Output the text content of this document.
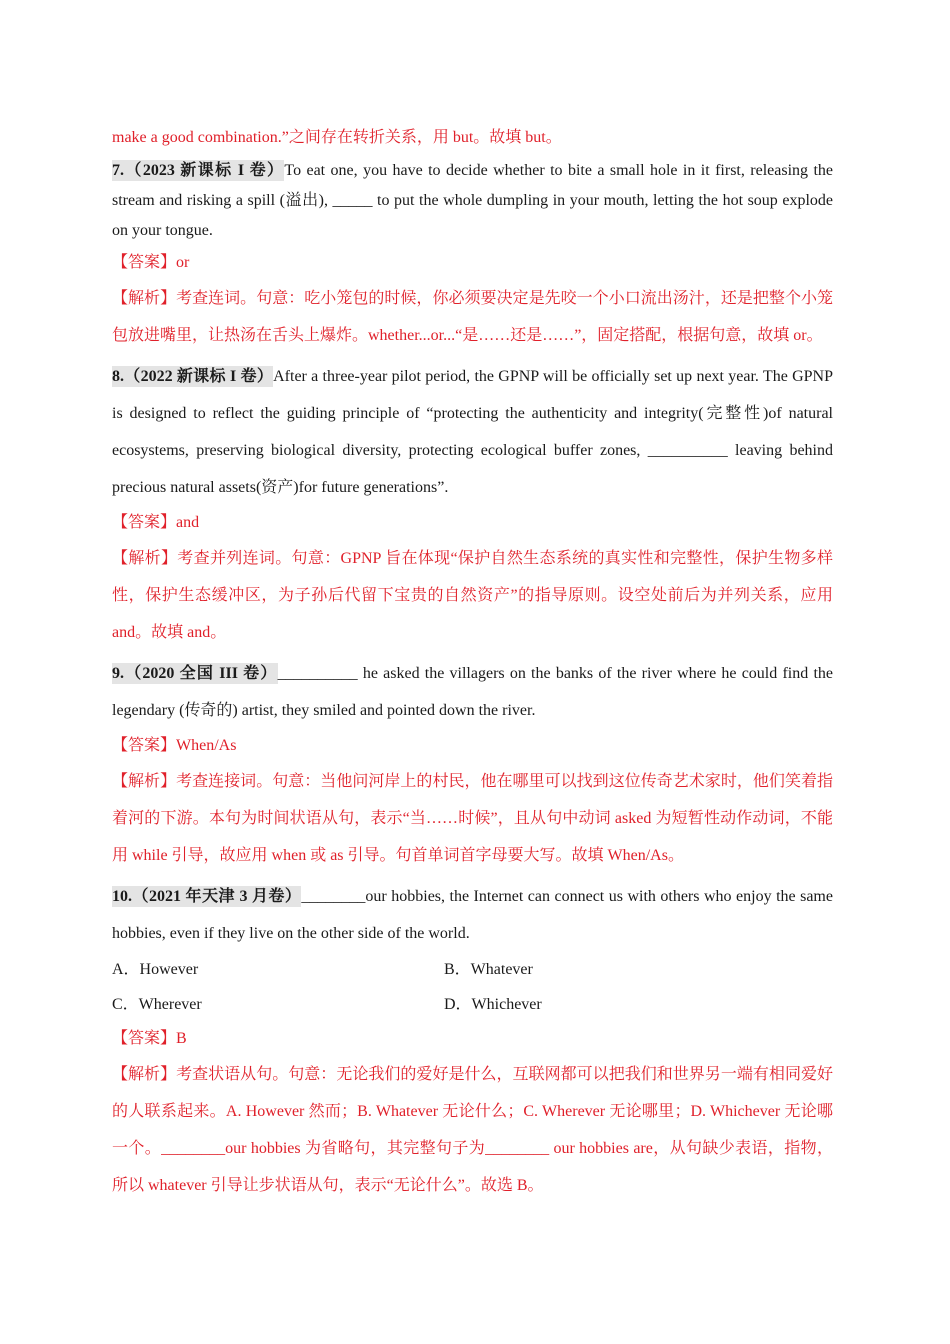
make a good combination.”之间存在转折关系，用 but。故填 but。

7.（2023 新课标 I 卷）To eat one, you have to decide whether to bite a small hole in it first, releasing the stream and risking a spill (溢出), _____ to put the whole dumpling in your mouth, letting the hot soup explode on your tongue.

【答案】or

【解析】考查连词。句意：吃小笼包的时候，你必须要决定是先咬一个小口流出汤汁，还是把整个小笼包放进嘴里，让热汤在舌头上爆炸。whether...or...“是……还是……”，固定搭配，根据句意，故填 or。

8.（2022 新课标 I 卷）After a three-year pilot period, the GPNP will be officially set up next year. The GPNP is designed to reflect the guiding principle of “protecting the authenticity and integrity(完整性)of natural ecosystems, preserving biological diversity, protecting ecological buffer zones, __________ leaving behind precious natural assets(资产)for future generations”.

【答案】and

【解析】考查并列连词。句意：GPNP 旨在体现“保护自然生态系统的真实性和完整性，保护生物多样性，保护生态缓冲区，为子孙后代留下宝贵的自然资产”的指导原则。设空处前后为并列关系，应用 and。故填 and。

9.（2020 全国 III 卷）__________ he asked the villagers on the banks of the river where he could find the legendary (传奇的) artist, they smiled and pointed down the river.

【答案】When/As

【解析】考查连接词。句意：当他问河岸上的村民，他在哪里可以找到这位传奇艺术家时，他们笑着指着河的下游。本句为时间状语从句，表示“当……时候”，且从句中动词 asked 为短暂性动作动词，不能用 while 引导，故应用 when 或 as 引导。句首单词首字母要大写。故填 When/As。

10.（2021 年天津 3 月卷）________our hobbies, the Internet can connect us with others who enjoy the same hobbies, even if they live on the other side of the world.

A．However	B．Whatever
C．Wherever	D．Whichever

【答案】B

【解析】考查状语从句。句意：无论我们的爱好是什么，互联网都可以把我们和世界另一端有相同爱好的人联系起来。A. However 然而；B. Whatever 无论什么；C. Wherever 无论哪里；D. Whichever 无论哪一个。________our hobbies 为省略句，其完整句子为________ our hobbies are，从句缺少表语，指物，所以 whatever 引导让步状语从句，表示“无论什么”。故选 B。
